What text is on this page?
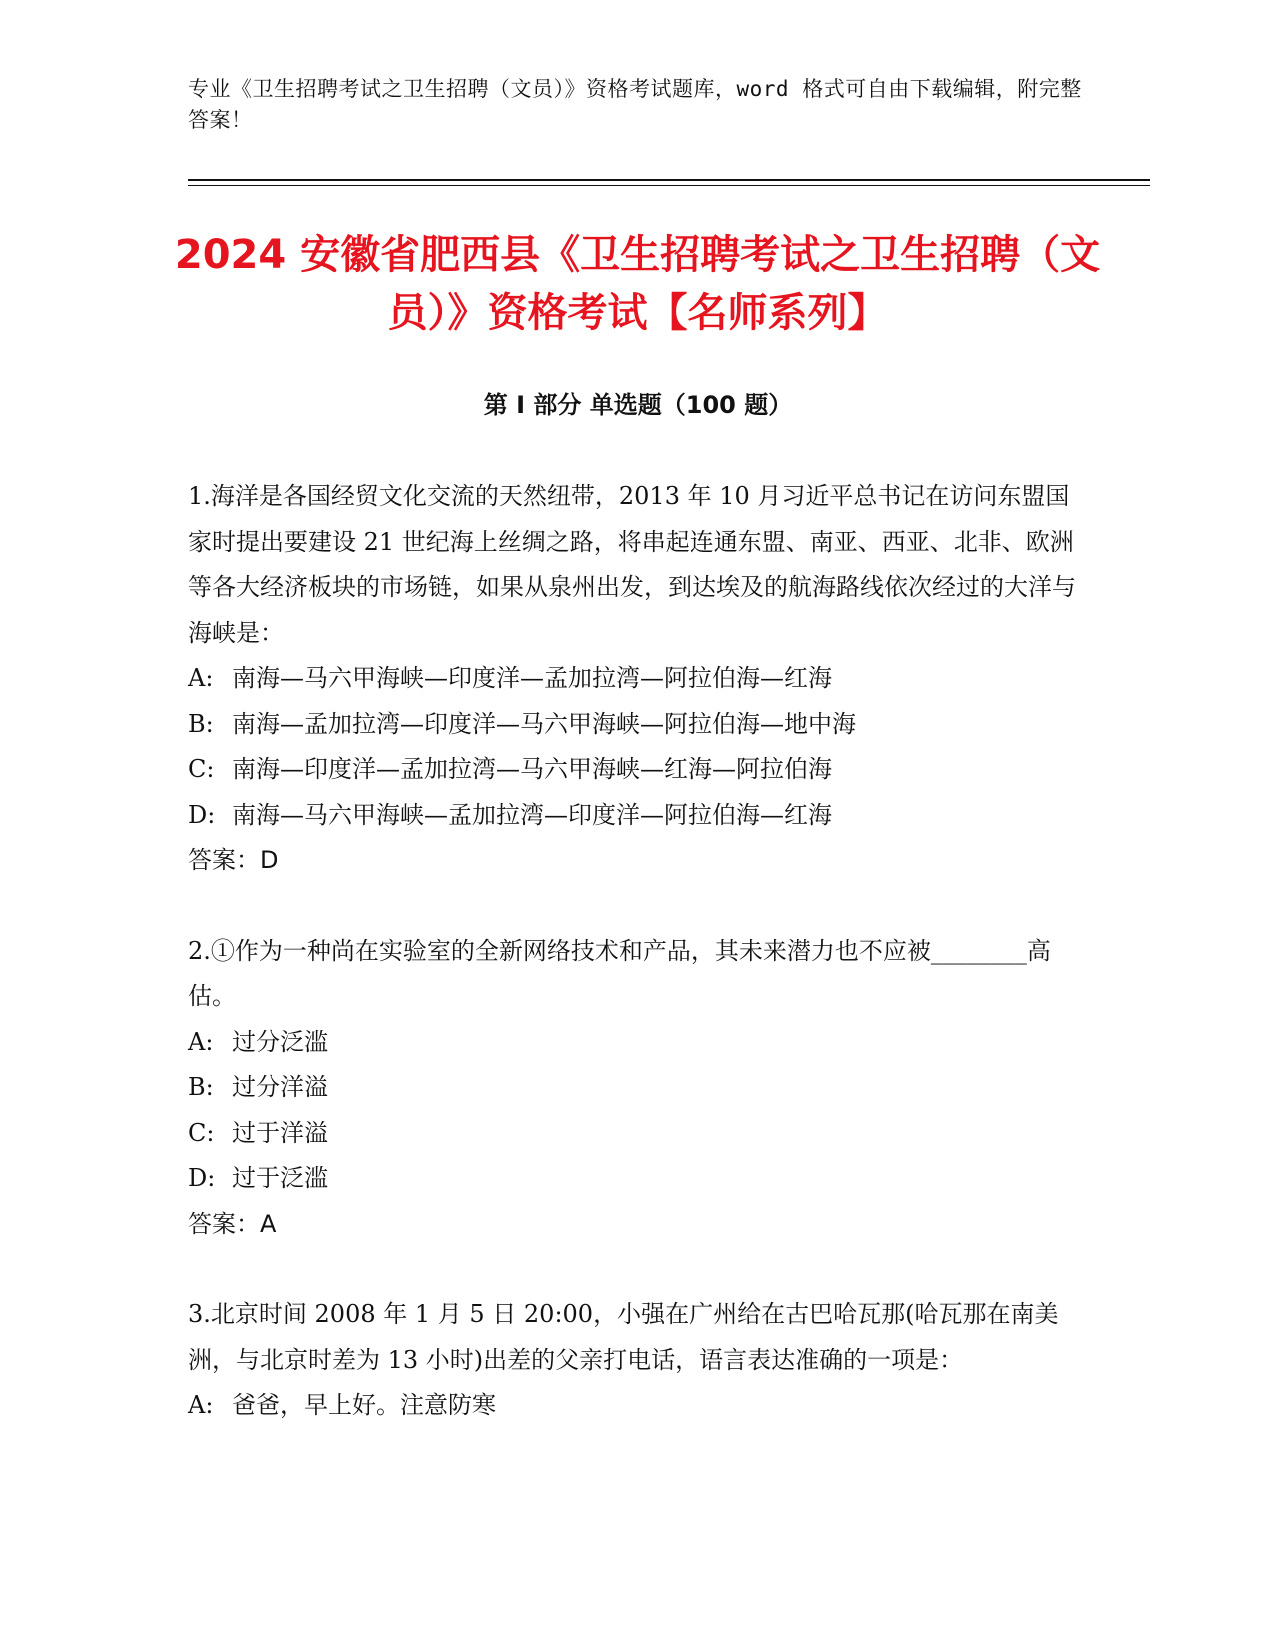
专业《卫生招聘考试之卫生招聘（文员）》资格考试题库，word 格式可自由下载编辑，附完整答案！
2024 安徽省肥西县《卫生招聘考试之卫生招聘（文员）》资格考试【名师系列】
第 I 部分 单选题（100 题）
1.海洋是各国经贸文化交流的天然纽带，2013 年 10 月习近平总书记在访问东盟国家时提出要建设 21 世纪海上丝绸之路，将串起连通东盟、南亚、西亚、北非、欧洲等各大经济板块的市场链，如果从泉州出发，到达埃及的航海路线依次经过的大洋与海峡是：
A: 南海—马六甲海峡—印度洋—孟加拉湾—阿拉伯海—红海
B: 南海—孟加拉湾—印度洋—马六甲海峡—阿拉伯海—地中海
C: 南海—印度洋—孟加拉湾—马六甲海峡—红海—阿拉伯海
D: 南海—马六甲海峡—孟加拉湾—印度洋—阿拉伯海—红海
答案：D
2.①作为一种尚在实验室的全新网络技术和产品，其未来潜力也不应被________高估。
A: 过分泛滥
B: 过分洋溢
C: 过于洋溢
D: 过于泛滥
答案：A
3.北京时间 2008 年 1 月 5 日 20:00，小强在广州给在古巴哈瓦那(哈瓦那在南美洲，与北京时差为 13 小时)出差的父亲打电话，语言表达准确的一项是：
A: 爸爸，早上好。注意防寒
